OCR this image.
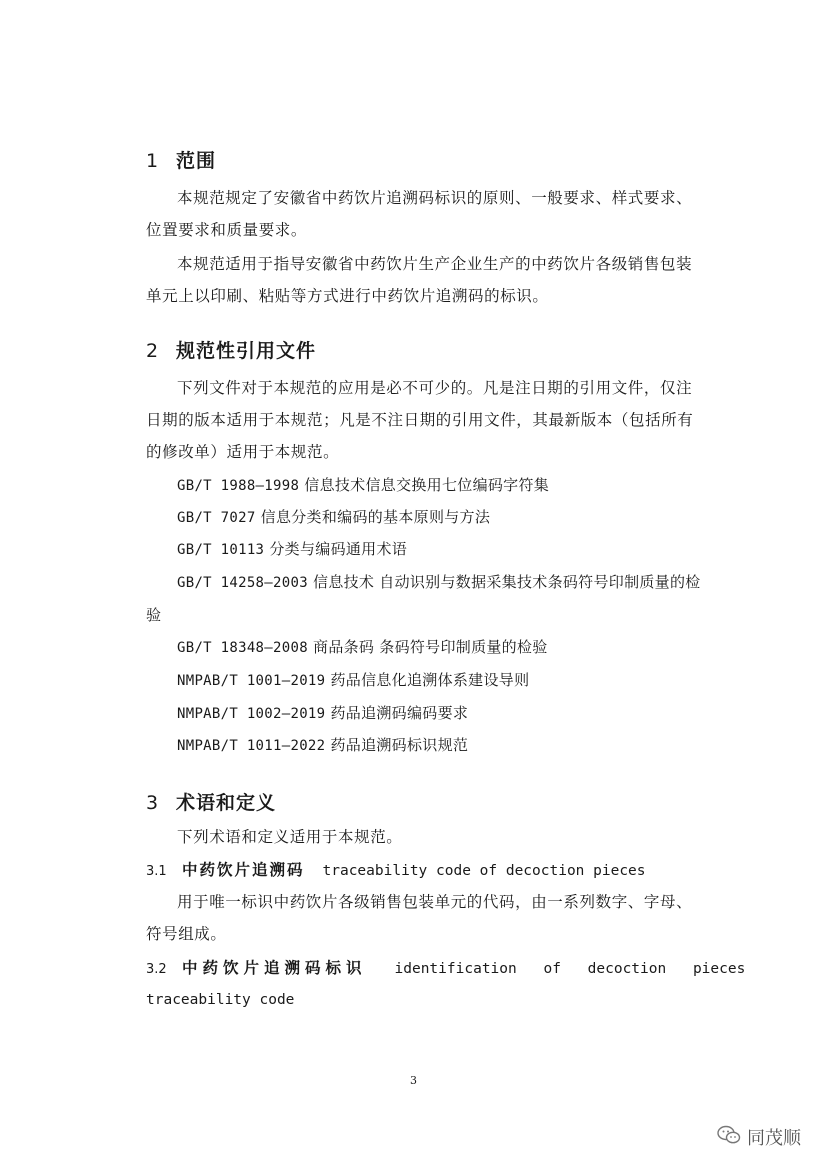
1 范围

本规范规定了安徽省中药饮片追溯码标识的原则、一般要求、样式要求、位置要求和质量要求。

本规范适用于指导安徽省中药饮片生产企业生产的中药饮片各级销售包装单元上以印刷、粘贴等方式进行中药饮片追溯码的标识。

2 规范性引用文件

下列文件对于本规范的应用是必不可少的。凡是注日期的引用文件，仅注日期的版本适用于本规范；凡是不注日期的引用文件，其最新版本（包括所有的修改单）适用于本规范。

GB/T 1988—1998 信息技术信息交换用七位编码字符集

GB/T 7027 信息分类和编码的基本原则与方法

GB/T 10113 分类与编码通用术语

GB/T 14258—2003 信息技术 自动识别与数据采集技术条码符号印制质量的检验

GB/T 18348—2008 商品条码 条码符号印制质量的检验

NMPAB/T 1001—2019 药品信息化追溯体系建设导则

NMPAB/T 1002—2019 药品追溯码编码要求

NMPAB/T 1011—2022 药品追溯码标识规范

3 术语和定义

下列术语和定义适用于本规范。

3.1 中药饮片追溯码 traceability code of decoction pieces

用于唯一标识中药饮片各级销售包装单元的代码，由一系列数字、字母、符号组成。

3.2 中药饮片追溯码标识 identification of decoction pieces
traceability code
3
同茂顺
